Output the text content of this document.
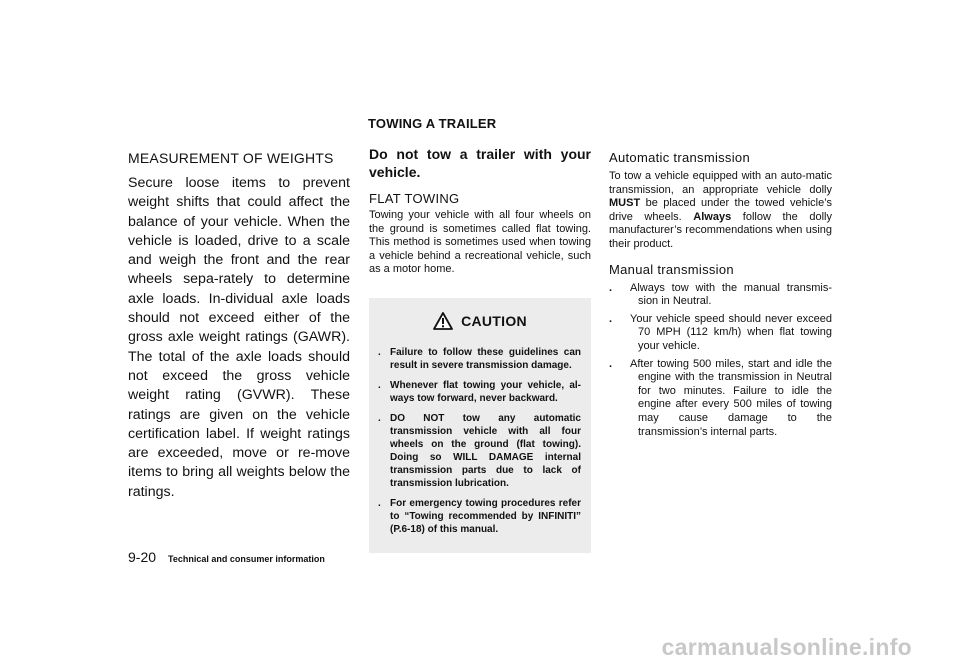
TOWING A TRAILER
MEASUREMENT OF WEIGHTS

Secure loose items to prevent weight shifts that could affect the balance of your vehicle. When the vehicle is loaded, drive to a scale and weigh the front and the rear wheels sepa-rately to determine axle loads. In-dividual axle loads should not exceed either of the gross axle weight ratings (GAWR). The total of the axle loads should not exceed the gross vehicle weight rating (GVWR). These ratings are given on the vehicle certification label. If weight ratings are exceeded, move or re-move items to bring all weights below the ratings.

Do not tow a trailer with your vehicle.
FLAT TOWING

Towing your vehicle with all four wheels on the ground is sometimes called flat towing. This method is sometimes used when towing a vehicle behind a recreational vehicle, such as a motor home.

CAUTION
. Failure to follow these guidelines can result in severe transmission damage.
. Whenever flat towing your vehicle, al-ways tow forward, never backward.
. DO NOT tow any automatic transmission vehicle with all four wheels on the ground (flat towing). Doing so WILL DAMAGE internal transmission parts due to lack of transmission lubrication.
. For emergency towing procedures refer to “Towing recommended by INFINITI” (P.6-18) of this manual.
Automatic transmission

To tow a vehicle equipped with an auto-matic transmission, an appropriate vehicle dolly MUST be placed under the towed vehicle’s drive wheels. Always follow the dolly manufacturer’s recommendations when using their product.

Manual transmission
. Always tow with the manual transmis-sion in Neutral.
. Your vehicle speed should never exceed 70 MPH (112 km/h) when flat towing your vehicle.
. After towing 500 miles, start and idle the engine with the transmission in Neutral for two minutes. Failure to idle the engine after every 500 miles of towing may cause damage to the transmission’s internal parts.
9-20 Technical and consumer information
carmanualsonline.info
